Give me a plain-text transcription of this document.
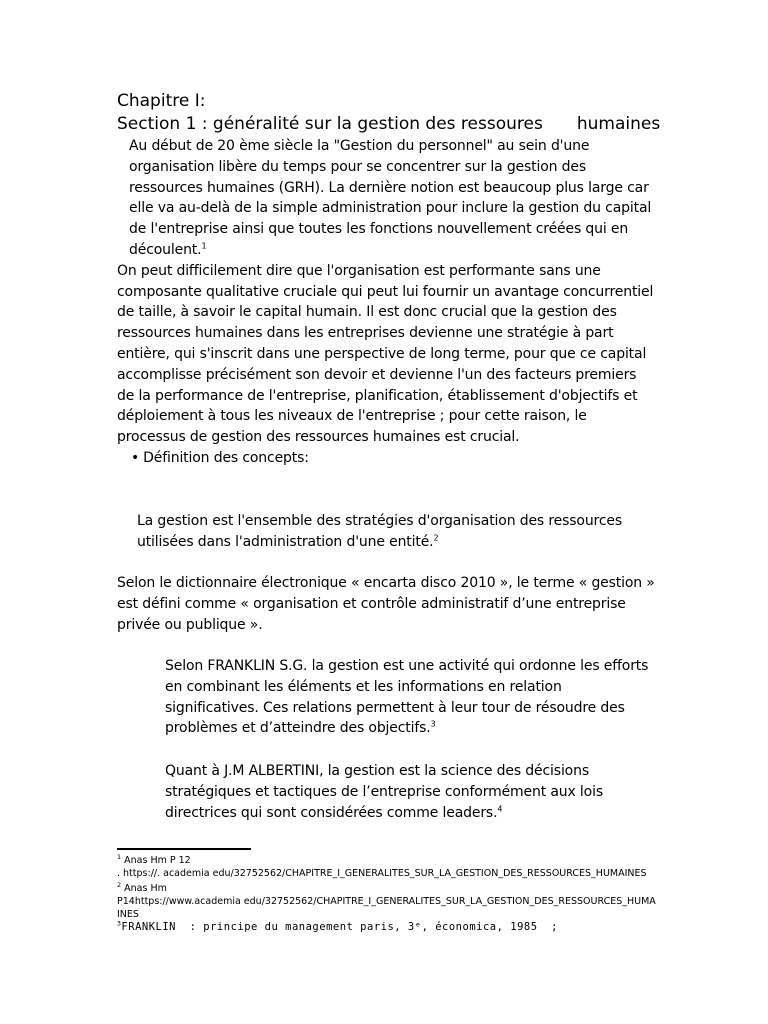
Chapitre I:
Section 1 : généralité sur la gestion des ressoures humaines

Au début de 20 ème siècle la "Gestion du personnel" au sein d'une organisation libère du temps pour se concentrer sur la gestion des ressources humaines (GRH). La dernière notion est beaucoup plus large car elle va au-delà de la simple administration pour inclure la gestion du capital de l'entreprise ainsi que toutes les fonctions nouvellement créées qui en découlent.$^1$

On peut difficilement dire que l'organisation est performante sans une composante qualitative cruciale qui peut lui fournir un avantage concurrentiel de taille, à savoir le capital humain. Il est donc crucial que la gestion des ressources humaines dans les entreprises devienne une stratégie à part entière, qui s'inscrit dans une perspective de long terme, pour que ce capital accomplisse précisément son devoir et devienne l'un des facteurs premiers de la performance de l'entreprise, planification, établissement d'objectifs et déploiement à tous les niveaux de l'entreprise ; pour cette raison, le processus de gestion des ressources humaines est crucial.

• Définition des concepts:

La gestion est l'ensemble des stratégies d'organisation des ressources utilisées dans l'administration d'une entité.$^2$

Selon le dictionnaire électronique « encarta disco 2010 », le terme « gestion » est défini comme « organisation et contrôle administratif d’une entreprise privée ou publique ».

Selon FRANKLIN S.G. la gestion est une activité qui ordonne les efforts en combinant les éléments et les informations en relation significatives. Ces relations permettent à leur tour de résoudre des problèmes et d’atteindre des objectifs.$^3$

Quant à J.M ALBERTINI, la gestion est la science des décisions stratégiques et tactiques de l’entreprise conformément aux lois directrices qui sont considérées comme leaders.$^4$

$^1$ Anas Hm P 12
. https://. academia edu/32752562/CHAPITRE_I_GENERALITES_SUR_LA_GESTION_DES_RESSOURCES_HUMAINES
$^2$ Anas Hm
P14https://www.academia edu/32752562/CHAPITRE_I_GENERALITES_SUR_LA_GESTION_DES_RESSOURCES_HUMAINES
$^3$FRANKLIN  : principe du management paris, 3ᵉ, économica, 1985  ;
